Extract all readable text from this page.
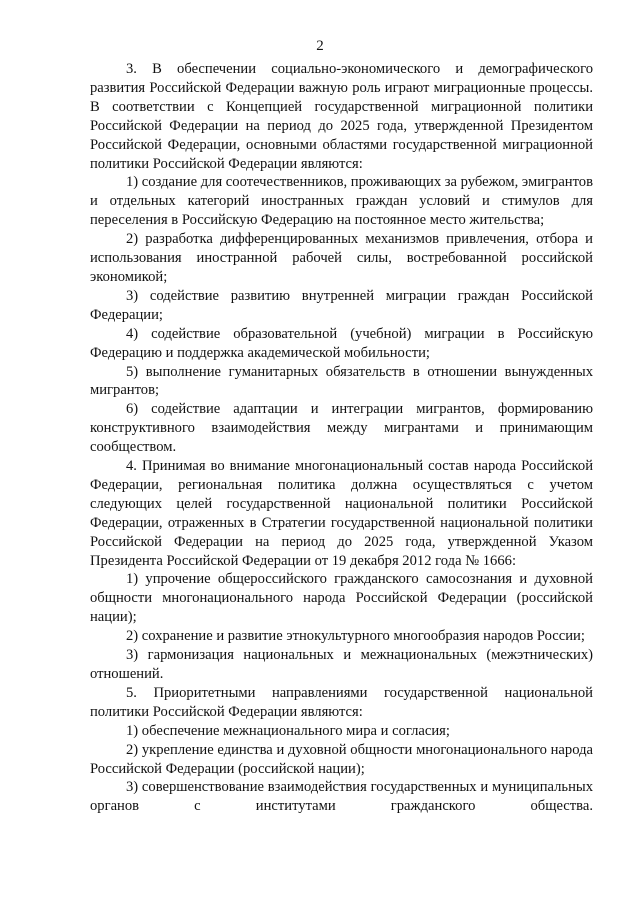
2

3. В обеспечении социально-экономического и демографического развития Российской Федерации важную роль играют миграционные процессы. В соответствии с Концепцией государственной миграционной политики Российской Федерации на период до 2025 года, утвержденной Президентом Российской Федерации, основными областями государственной миграционной политики Российской Федерации являются:

1) создание для соотечественников, проживающих за рубежом, эмигрантов и отдельных категорий иностранных граждан условий и стимулов для переселения в Российскую Федерацию на постоянное место жительства;

2) разработка дифференцированных механизмов привлечения, отбора и использования иностранной рабочей силы, востребованной российской экономикой;

3) содействие развитию внутренней миграции граждан Российской Федерации;

4) содействие образовательной (учебной) миграции в Российскую Федерацию и поддержка академической мобильности;

5) выполнение гуманитарных обязательств в отношении вынужденных мигрантов;

6) содействие адаптации и интеграции мигрантов, формированию конструктивного взаимодействия между мигрантами и принимающим сообществом.

4. Принимая во внимание многонациональный состав народа Российской Федерации, региональная политика должна осуществляться с учетом следующих целей государственной национальной политики Российской Федерации, отраженных в Стратегии государственной национальной политики Российской Федерации на период до 2025 года, утвержденной Указом Президента Российской Федерации от 19 декабря 2012 года № 1666:

1) упрочение общероссийского гражданского самосознания и духовной общности многонационального народа Российской Федерации (российской нации);

2) сохранение и развитие этнокультурного многообразия народов России;

3) гармонизация национальных и межнациональных (межэтнических) отношений.

5. Приоритетными направлениями государственной национальной политики Российской Федерации являются:

1) обеспечение межнационального мира и согласия;

2) укрепление единства и духовной общности многонационального народа Российской Федерации (российской нации);

3) совершенствование взаимодействия государственных и муниципальных органов с институтами гражданского общества.
